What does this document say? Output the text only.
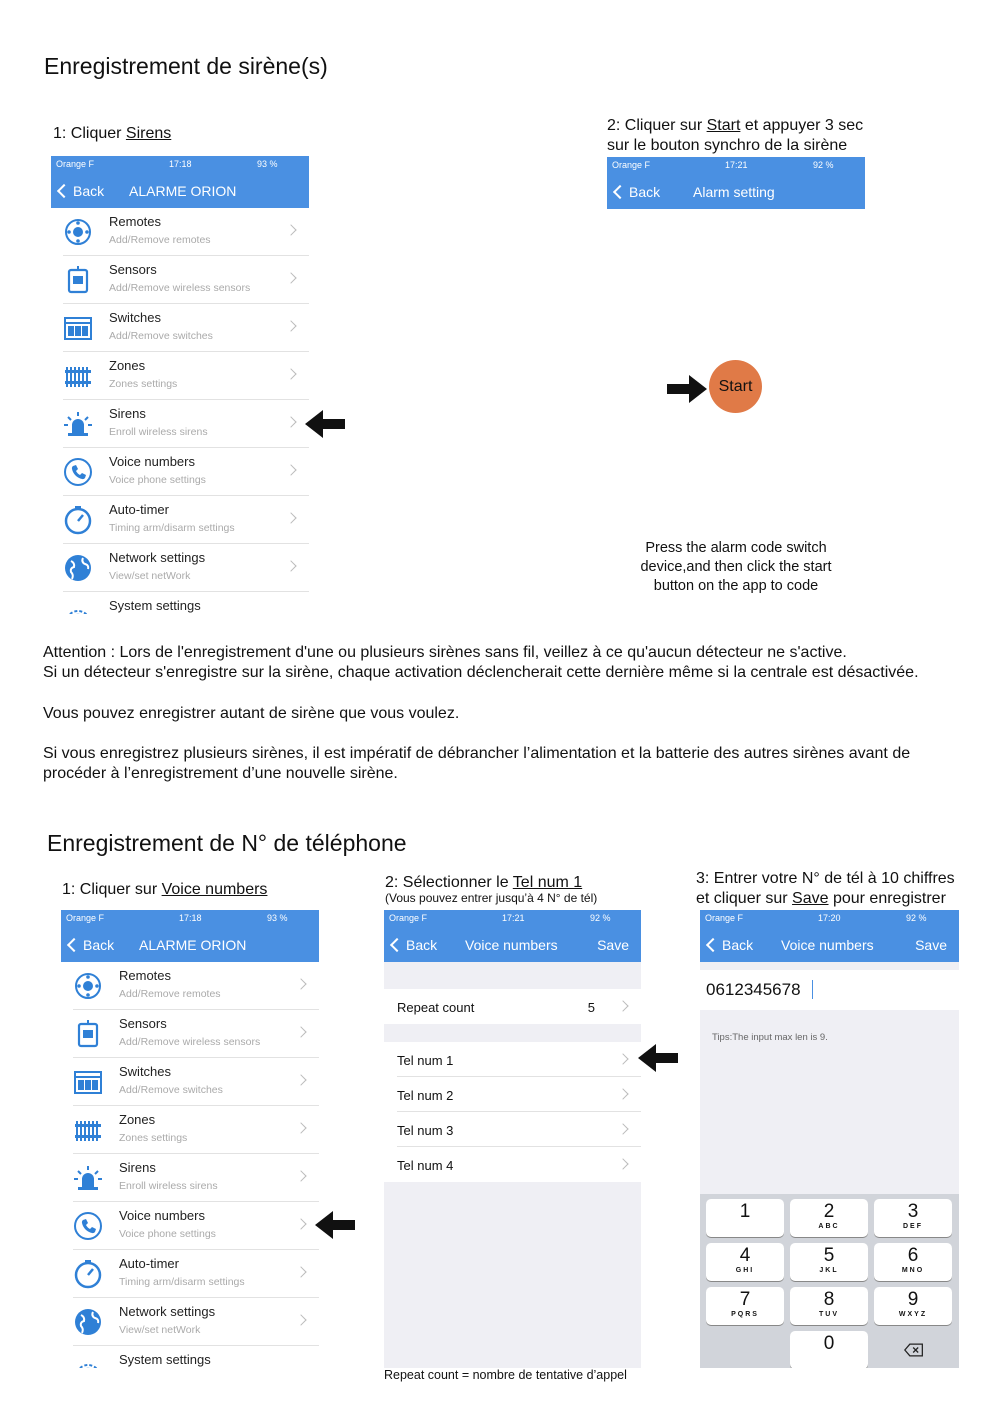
Enregistrement de sirène(s)
1: Cliquer Sirens	2: Cliquer sur Start et appuyer 3 sec
sur le bouton synchro de la sirène
Orange F	17:18	93 %
Back ALARME ORION
Remotes
Add/Remove remotes
Sensors
Add/Remove wireless sensors
Switches
Add/Remove switches
Zones
Zones settings
Sirens
Enroll wireless sirens
Voice numbers
Voice phone settings
Auto-timer
Timing arm/disarm settings
Network settings
View/set netWork
System settings
Orange F	17:21	92 %
Back Alarm setting
Start
Press the alarm code switch
device,and then click the start
button on the app to code
Attention : Lors de l'enregistrement d'une ou plusieurs sirènes sans fil, veillez à ce qu'aucun détecteur ne s'active.
Si un détecteur s'enregistre sur la sirène, chaque activation déclencherait cette dernière même si la centrale est désactivée.
Vous pouvez enregistrer autant de sirène que vous voulez.
Si vous enregistrez plusieurs sirènes, il est impératif de débrancher l’alimentation et la batterie des autres sirènes avant de
procéder à l’enregistrement d’une nouvelle sirène.
Enregistrement de N° de téléphone
1: Cliquer sur Voice numbers	2: Sélectionner le Tel num 1
$^{(Vous pouvez entrer jusqu’à 4 N^\circ de tél)}$
3: Entrer votre N° de tél à 10 chiffres
et cliquer sur Save pour enregistrer
Orange F	17:18	93 %
Back ALARME ORION
Remotes
Add/Remove remotes
Sensors
Add/Remove wireless sensors
Switches
Add/Remove switches
Zones
Zones settings
Sirens
Enroll wireless sirens
Voice numbers
Voice phone settings
Auto-timer
Timing arm/disarm settings
Network settings
View/set netWork
System settings
Orange F	17:21	92 %
Back Voice numbers	Save
Repeat count	5
Tel num 1
Tel num 2
Tel num 3
Tel num 4
Repeat count = nombre de tentative d’appel
Orange F	17:20	92 %
Back Voice numbers	Save
0612345678
Tips:The input max len is 9.
1	2
ABC
3
DEF
4
GHI
5
JKL
6
MNO
7
PQRS
8
TUV
9
WXYZ
0
